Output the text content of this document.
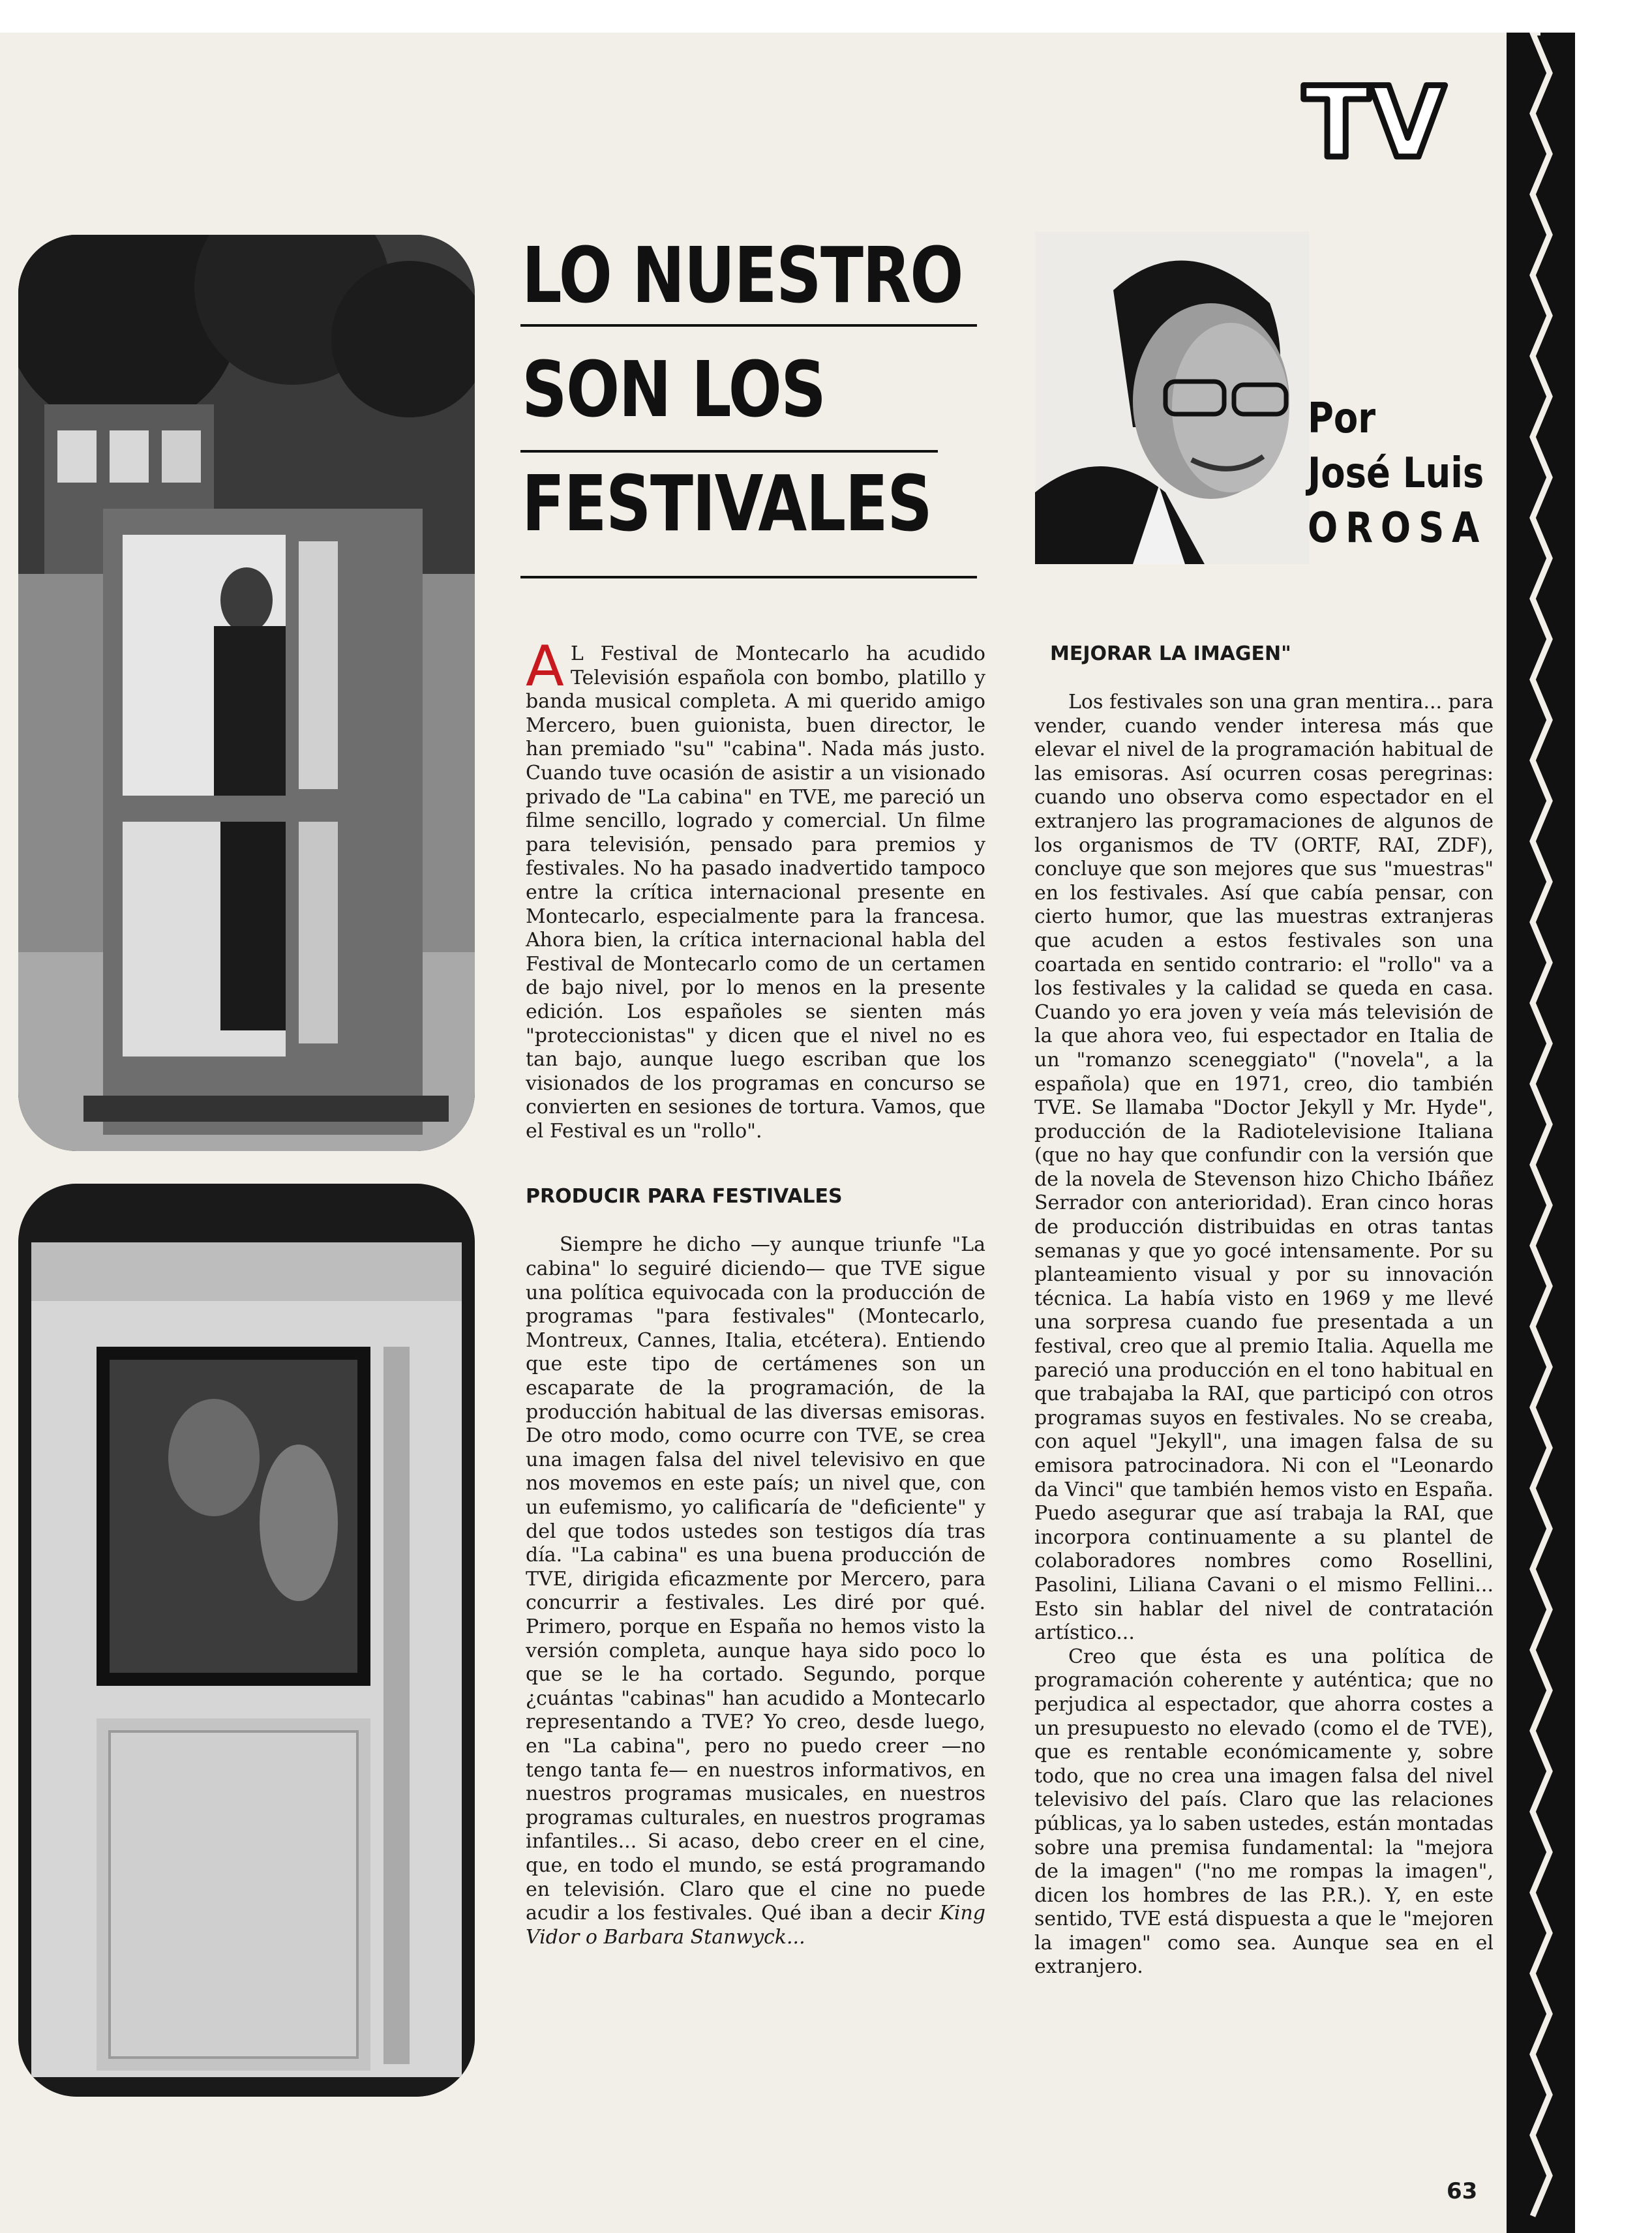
TV
LO NUESTRO
SON LOS
FESTIVALES
Por
José Luis
OROSA

A L Festival de Montecarlo ha acudido Televisión española con bombo, platillo y banda musical completa. A mi querido amigo Mercero, buen guionista, buen director, le han premiado "su" "cabina". Nada más justo. Cuando tuve ocasión de asistir a un visionado privado de "La cabina" en TVE, me pareció un filme sencillo, logrado y comercial. Un filme para televisión, pensado para premios y festivales. No ha pasado inadvertido tampoco entre la crítica internacional presente en Montecarlo, especialmente para la francesa. Ahora bien, la crítica internacional habla del Festival de Montecarlo como de un certamen de bajo nivel, por lo menos en la presente edición. Los españoles se sienten más "proteccionistas" y dicen que el nivel no es tan bajo, aunque luego escriban que los visionados de los programas en concurso se convierten en sesiones de tortura. Vamos, que el Festival es un "rollo".

PRODUCIR PARA FESTIVALES

Siempre he dicho —y aunque triunfe "La cabina" lo seguiré diciendo— que TVE sigue una política equivocada con la producción de programas "para festivales" (Montecarlo, Montreux, Cannes, Italia, etcétera). Entiendo que este tipo de certámenes son un escaparate de la programación, de la producción habitual de las diversas emisoras. De otro modo, como ocurre con TVE, se crea una imagen falsa del nivel televisivo en que nos movemos en este país; un nivel que, con un eufemismo, yo calificaría de "deficiente" y del que todos ustedes son testigos día tras día. "La cabina" es una buena producción de TVE, dirigida eficazmente por Mercero, para concurrir a festivales. Les diré por qué. Primero, porque en España no hemos visto la versión completa, aunque haya sido poco lo que se le ha cortado. Segundo, porque ¿cuántas "cabinas" han acudido a Montecarlo representando a TVE? Yo creo, desde luego, en "La cabina", pero no puedo creer —no tengo tanta fe— en nuestros informativos, en nuestros programas musicales, en nuestros programas culturales, en nuestros programas infantiles... Si acaso, debo creer en el cine, que, en todo el mundo, se está programando en televisión. Claro que el cine no puede acudir a los festivales. Qué iban a decir King Vidor o Barbara Stanwyck...

MEJORAR LA IMAGEN"

Los festivales son una gran mentira... para vender, cuando vender interesa más que elevar el nivel de la programación habitual de las emisoras. Así ocurren cosas peregrinas: cuando uno observa como espectador en el extranjero las programaciones de algunos de los organismos de TV (ORTF, RAI, ZDF), concluye que son mejores que sus "muestras" en los festivales. Así que cabía pensar, con cierto humor, que las muestras extranjeras que acuden a estos festivales son una coartada en sentido contrario: el "rollo" va a los festivales y la calidad se queda en casa. Cuando yo era joven y veía más televisión de la que ahora veo, fui espectador en Italia de un "romanzo sceneggiato" ("novela", a la española) que en 1971, creo, dio también TVE. Se llamaba "Doctor Jekyll y Mr. Hyde", producción de la Radiotelevisione Italiana (que no hay que confundir con la versión que de la novela de Stevenson hizo Chicho Ibáñez Serrador con anterioridad). Eran cinco horas de producción distribuidas en otras tantas semanas y que yo gocé intensamente. Por su planteamiento visual y por su innovación técnica. La había visto en 1969 y me llevé una sorpresa cuando fue presentada a un festival, creo que al premio Italia. Aquella me pareció una producción en el tono habitual en que trabajaba la RAI, que participó con otros programas suyos en festivales. No se creaba, con aquel "Jekyll", una imagen falsa de su emisora patrocinadora. Ni con el "Leonardo da Vinci" que también hemos visto en España. Puedo asegurar que así trabaja la RAI, que incorpora continuamente a su plantel de colaboradores nombres como Rosellini, Pasolini, Liliana Cavani o el mismo Fellini... Esto sin hablar del nivel de contratación artístico...

Creo que ésta es una política de programación coherente y auténtica; que no perjudica al espectador, que ahorra costes a un presupuesto no elevado (como el de TVE), que es rentable económicamente y, sobre todo, que no crea una imagen falsa del nivel televisivo del país. Claro que las relaciones públicas, ya lo saben ustedes, están montadas sobre una premisa fundamental: la "mejora de la imagen" ("no me rompas la imagen", dicen los hombres de las P.R.). Y, en este sentido, TVE está dispuesta a que le "mejoren la imagen" como sea. Aunque sea en el extranjero.

63
